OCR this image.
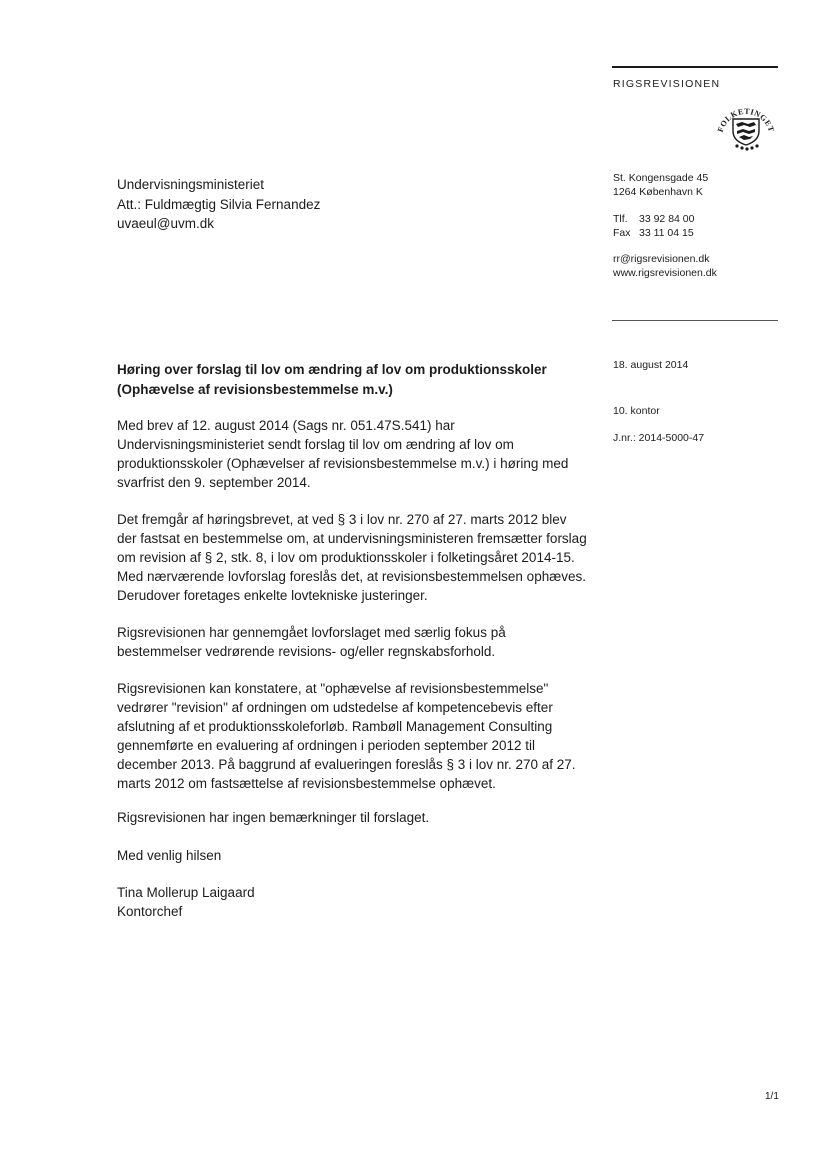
RIGSREVISIONEN
FOLKETINGET
St. Kongensgade 45
1264 København K
Tlf.	33 92 84 00
Fax 33 11 04 15
rr@rigsrevisionen.dk
www.rigsrevisionen.dk
Undervisningsministeriet
Att.: Fuldmægtig Silvia Fernandez
uvaeul@uvm.dk
18. august 2014
10. kontor
J.nr.: 2014-5000-47
Høring over forslag til lov om ændring af lov om produktionsskoler (Ophævelse af revisionsbestemmelse m.v.)

Med brev af 12. august 2014 (Sags nr. 051.47S.541) har Undervisningsministeriet sendt forslag til lov om ændring af lov om produktionsskoler (Ophævelser af revisionsbestemmelse m.v.) i høring med svarfrist den 9. september 2014.

Det fremgår af høringsbrevet, at ved § 3 i lov nr. 270 af 27. marts 2012 blev der fastsat en bestemmelse om, at undervisningsministeren fremsætter forslag om revision af § 2, stk. 8, i lov om produktionsskoler i folketingsåret 2014-15. Med nærværende lovforslag foreslås det, at revisionsbestemmelsen ophæves. Derudover foretages enkelte lovtekniske justeringer.

Rigsrevisionen har gennemgået lovforslaget med særlig fokus på bestemmelser vedrørende revisions- og/eller regnskabsforhold.

Rigsrevisionen kan konstatere, at "ophævelse af revisionsbestemmelse" vedrører "revision" af ordningen om udstedelse af kompetencebevis efter afslutning af et produktionsskoleforløb. Rambøll Management Consulting gennemførte en evaluering af ordningen i perioden september 2012 til december 2013. På baggrund af evalueringen foreslås § 3 i lov nr. 270 af 27. marts 2012 om fastsættelse af revisionsbestemmelse ophævet.

Rigsrevisionen har ingen bemærkninger til forslaget.

Med venlig hilsen
Tina Mollerup Laigaard
Kontorchef
1/1
